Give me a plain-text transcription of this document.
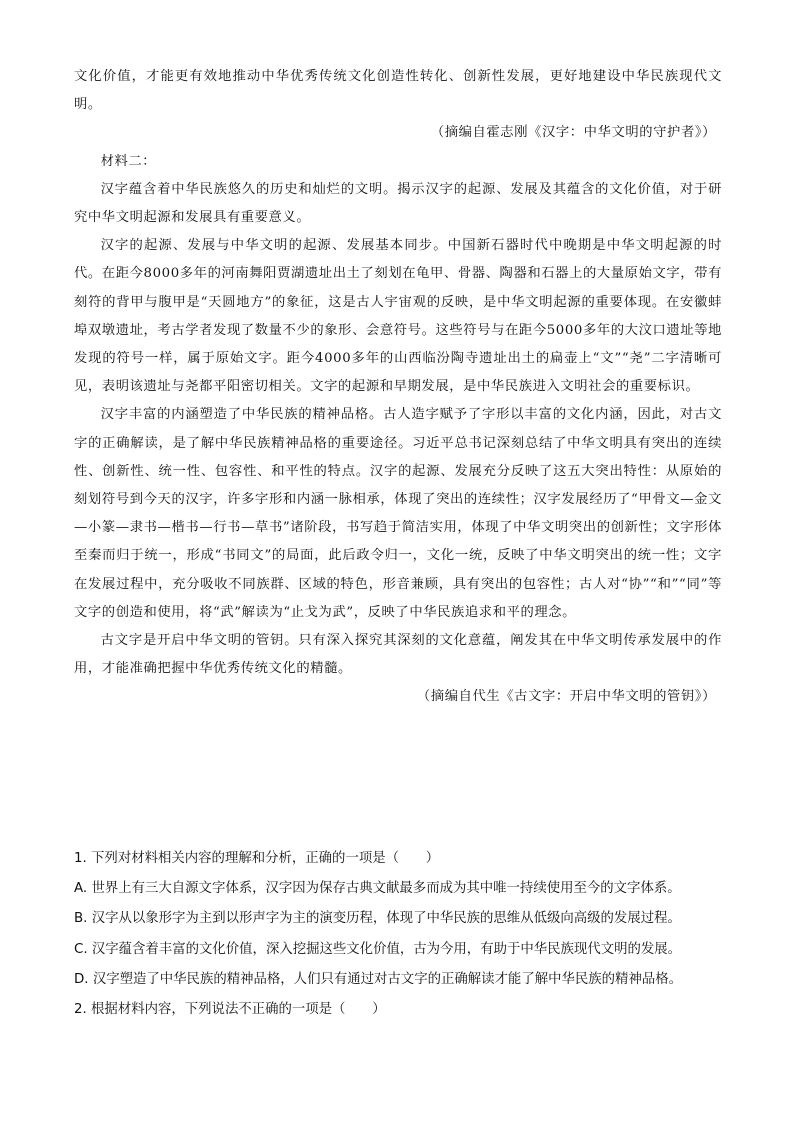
文化价值，才能更有效地推动中华优秀传统文化创造性转化、创新性发展，更好地建设中华民族现代文明。

（摘编自霍志刚《汉字：中华文明的守护者》）

材料二：

汉字蕴含着中华民族悠久的历史和灿烂的文明。揭示汉字的起源、发展及其蕴含的文化价值，对于研究中华文明起源和发展具有重要意义。

汉字的起源、发展与中华文明的起源、发展基本同步。中国新石器时代中晚期是中华文明起源的时代。在距今8000多年的河南舞阳贾湖遗址出土了刻划在龟甲、骨器、陶器和石器上的大量原始文字，带有刻符的背甲与腹甲是“天圆地方”的象征，这是古人宇宙观的反映，是中华文明起源的重要体现。在安徽蚌埠双墩遗址，考古学者发现了数量不少的象形、会意符号。这些符号与在距今5000多年的大汶口遗址等地发现的符号一样，属于原始文字。距今4000多年的山西临汾陶寺遗址出土的扁壶上“文”“尧”二字清晰可见，表明该遗址与尧都平阳密切相关。文字的起源和早期发展，是中华民族进入文明社会的重要标识。

汉字丰富的内涵塑造了中华民族的精神品格。古人造字赋予了字形以丰富的文化内涵，因此，对古文字的正确解读，是了解中华民族精神品格的重要途径。习近平总书记深刻总结了中华文明具有突出的连续性、创新性、统一性、包容性、和平性的特点。汉字的起源、发展充分反映了这五大突出特性：从原始的刻划符号到今天的汉字，许多字形和内涵一脉相承，体现了突出的连续性；汉字发展经历了“甲骨文—金文—小篆—隶书—楷书—行书—草书”诸阶段，书写趋于简洁实用，体现了中华文明突出的创新性；文字形体至秦而归于统一，形成“书同文”的局面，此后政令归一，文化一统，反映了中华文明突出的统一性；文字在发展过程中，充分吸收不同族群、区域的特色，形音兼顾，具有突出的包容性；古人对“协”“和”“同”等文字的创造和使用，将“武”解读为“止戈为武”，反映了中华民族追求和平的理念。

古文字是开启中华文明的管钥。只有深入探究其深刻的文化意蕴，阐发其在中华文明传承发展中的作用，才能准确把握中华优秀传统文化的精髓。

（摘编自代生《古文字：开启中华文明的管钥》）

1. 下列对材料相关内容的理解和分析，正确的一项是（　　）

A. 世界上有三大自源文字体系，汉字因为保存古典文献最多而成为其中唯一持续使用至今的文字体系。

B. 汉字从以象形字为主到以形声字为主的演变历程，体现了中华民族的思维从低级向高级的发展过程。

C. 汉字蕴含着丰富的文化价值，深入挖掘这些文化价值，古为今用，有助于中华民族现代文明的发展。

D. 汉字塑造了中华民族的精神品格，人们只有通过对古文字的正确解读才能了解中华民族的精神品格。

2. 根据材料内容，下列说法不正确的一项是（　　）
